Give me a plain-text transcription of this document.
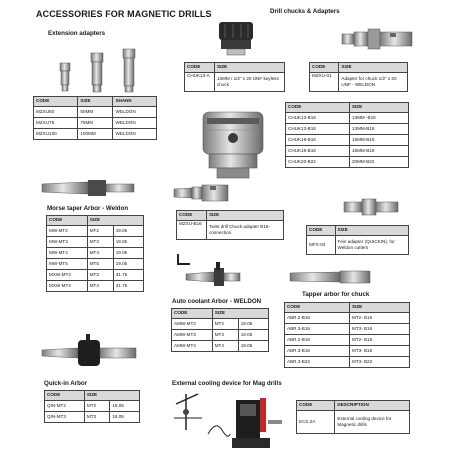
ACCESSORIES FOR MAGNETIC DRILLS
Extension adapters
CODE	SIZE	SHANK
MZXU50	50MM	WELDON
MZXU75	75MM	WELDON
MZXU100	100MM	WELDON
Drill chucks & Adapters
CODE	SIZE
CHUK13-A	13MM / 1/2” x 20 UNF keyless chuck
CODE	SIZE
MZXU-01	Adapter for chuck 1/2” x 20 UNF - WELDON
CODE	SIZE
CHUK13-B16	13MM -B16
CHUK13-B18	13MM-B18
CHUK16-B16	16MM-B16
CHUK16-B18	16MM-B18
CHUK20-B22	20MM-B22
Morse taper Arbor - Weldon
CODE	SIZE	
MW-MT2	MT2	19.05
MW-MT3	MT3	19.05
MW-MT4	MT4	19.05
MW-MT5	MT5	19.05
MXW-MT3	MT3	31.75
MXW-MT4	MT4	31.75
CODE	SIZE
MZXU-B16	Twist drill Chuck adapter B16-connection
CODE	SIZE
MFX-03	Fein adapter (QUICKIN), for Weldon cutters
Auto coolant Arbor - WELDON
CODE	SIZE	
AMW-MT2	MT2	19.05
AMW-MT3	MT3	19.05
AMW-MT4	MT4	19.05
Tapper arbor for chuck
CODE	SIZE
ABR.2-B16	MT2- B16
ABR.3-B16	MT3- B16
ABR.2-B18	MT2- B18
ABR.3-B18	MT3- B18
ABR.3-B22	MT3- B22
Quick-in Arbor
CODE	SIZE	
QIN-MT2	MT2	19.05
QIN-MT3	MT3	19.05
External cooling device for Mag drills
CODE	DESCRIPTION
ECS.2A	External cooling device for Magnetic drills
